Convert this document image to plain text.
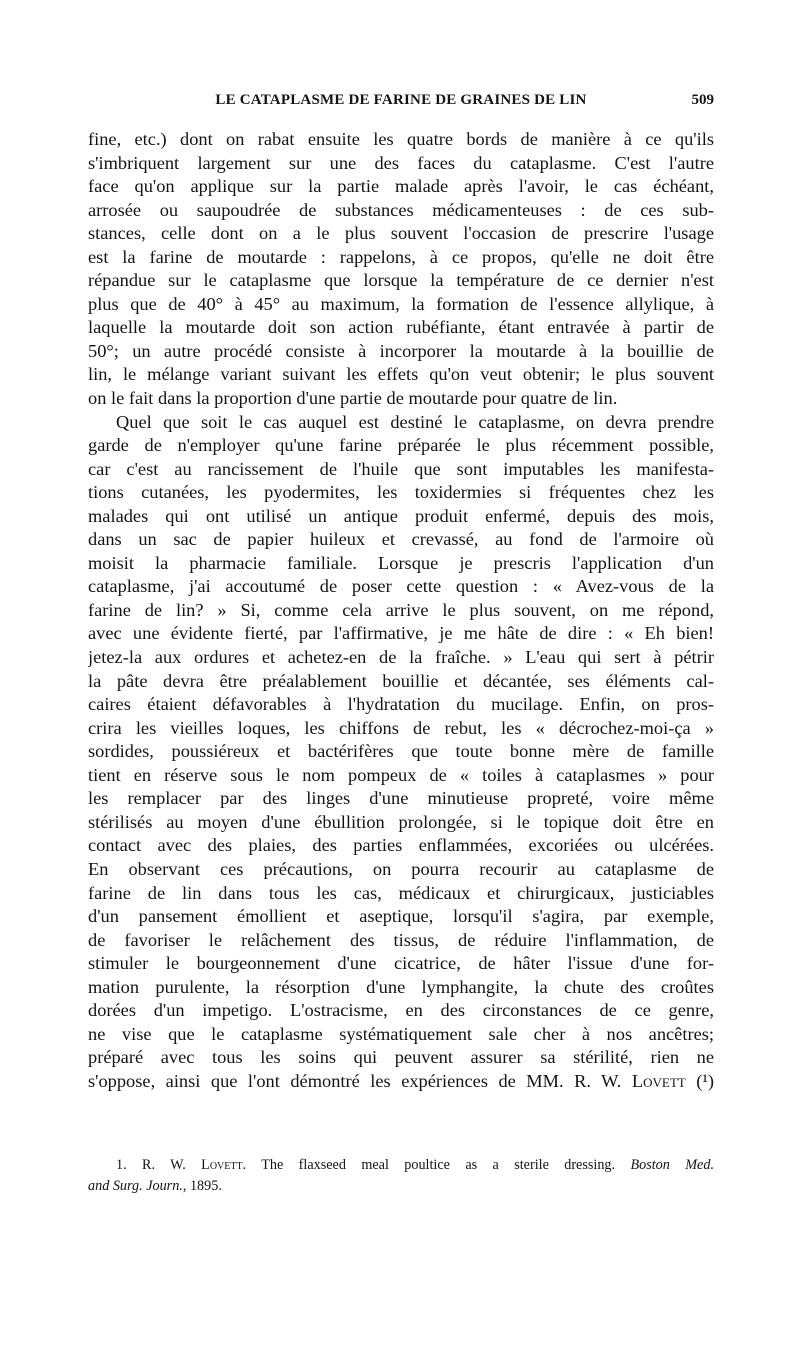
LE CATAPLASME DE FARINE DE GRAINES DE LIN	509
fine, etc.) dont on rabat ensuite les quatre bords de manière à ce qu'ils
s'imbriquent largement sur une des faces du cataplasme. C'est l'autre
face qu'on applique sur la partie malade après l'avoir, le cas échéant,
arrosée ou saupoudrée de substances médicamenteuses : de ces sub-
stances, celle dont on a le plus souvent l'occasion de prescrire l'usage
est la farine de moutarde : rappelons, à ce propos, qu'elle ne doit être
répandue sur le cataplasme que lorsque la température de ce dernier n'est
plus que de 40° à 45° au maximum, la formation de l'essence allylique, à
laquelle la moutarde doit son action rubéfiante, étant entravée à partir de
50°; un autre procédé consiste à incorporer la moutarde à la bouillie de
lin, le mélange variant suivant les effets qu'on veut obtenir; le plus souvent
on le fait dans la proportion d'une partie de moutarde pour quatre de lin.
Quel que soit le cas auquel est destiné le cataplasme, on devra prendre
garde de n'employer qu'une farine préparée le plus récemment possible,
car c'est au rancissement de l'huile que sont imputables les manifesta-
tions cutanées, les pyodermites, les toxidermies si fréquentes chez les
malades qui ont utilisé un antique produit enfermé, depuis des mois,
dans un sac de papier huileux et crevassé, au fond de l'armoire où
moisit la pharmacie familiale. Lorsque je prescris l'application d'un
cataplasme, j'ai accoutumé de poser cette question : « Avez-vous de la
farine de lin? » Si, comme cela arrive le plus souvent, on me répond,
avec une évidente fierté, par l'affirmative, je me hâte de dire : « Eh bien!
jetez-la aux ordures et achetez-en de la fraîche. » L'eau qui sert à pétrir
la pâte devra être préalablement bouillie et décantée, ses éléments cal-
caires étaient défavorables à l'hydratation du mucilage. Enfin, on pros-
crira les vieilles loques, les chiffons de rebut, les « décrochez-moi-ça »
sordides, poussiéreux et bactérifères que toute bonne mère de famille
tient en réserve sous le nom pompeux de « toiles à cataplasmes » pour
les remplacer par des linges d'une minutieuse propreté, voire même
stérilisés au moyen d'une ébullition prolongée, si le topique doit être en
contact avec des plaies, des parties enflammées, excoriées ou ulcérées.
En observant ces précautions, on pourra recourir au cataplasme de
farine de lin dans tous les cas, médicaux et chirurgicaux, justiciables
d'un pansement émollient et aseptique, lorsqu'il s'agira, par exemple,
de favoriser le relâchement des tissus, de réduire l'inflammation, de
stimuler le bourgeonnement d'une cicatrice, de hâter l'issue d'une for-
mation purulente, la résorption d'une lymphangite, la chute des croûtes
dorées d'un impetigo. L'ostracisme, en des circonstances de ce genre,
ne vise que le cataplasme systématiquement sale cher à nos ancêtres;
préparé avec tous les soins qui peuvent assurer sa stérilité, rien ne
s'oppose, ainsi que l'ont démontré les expériences de MM. R. W. Lovett (¹)
1. R. W. Lovett. The flaxseed meal poultice as a sterile dressing. Boston Med.
and Surg. Journ., 1895.
